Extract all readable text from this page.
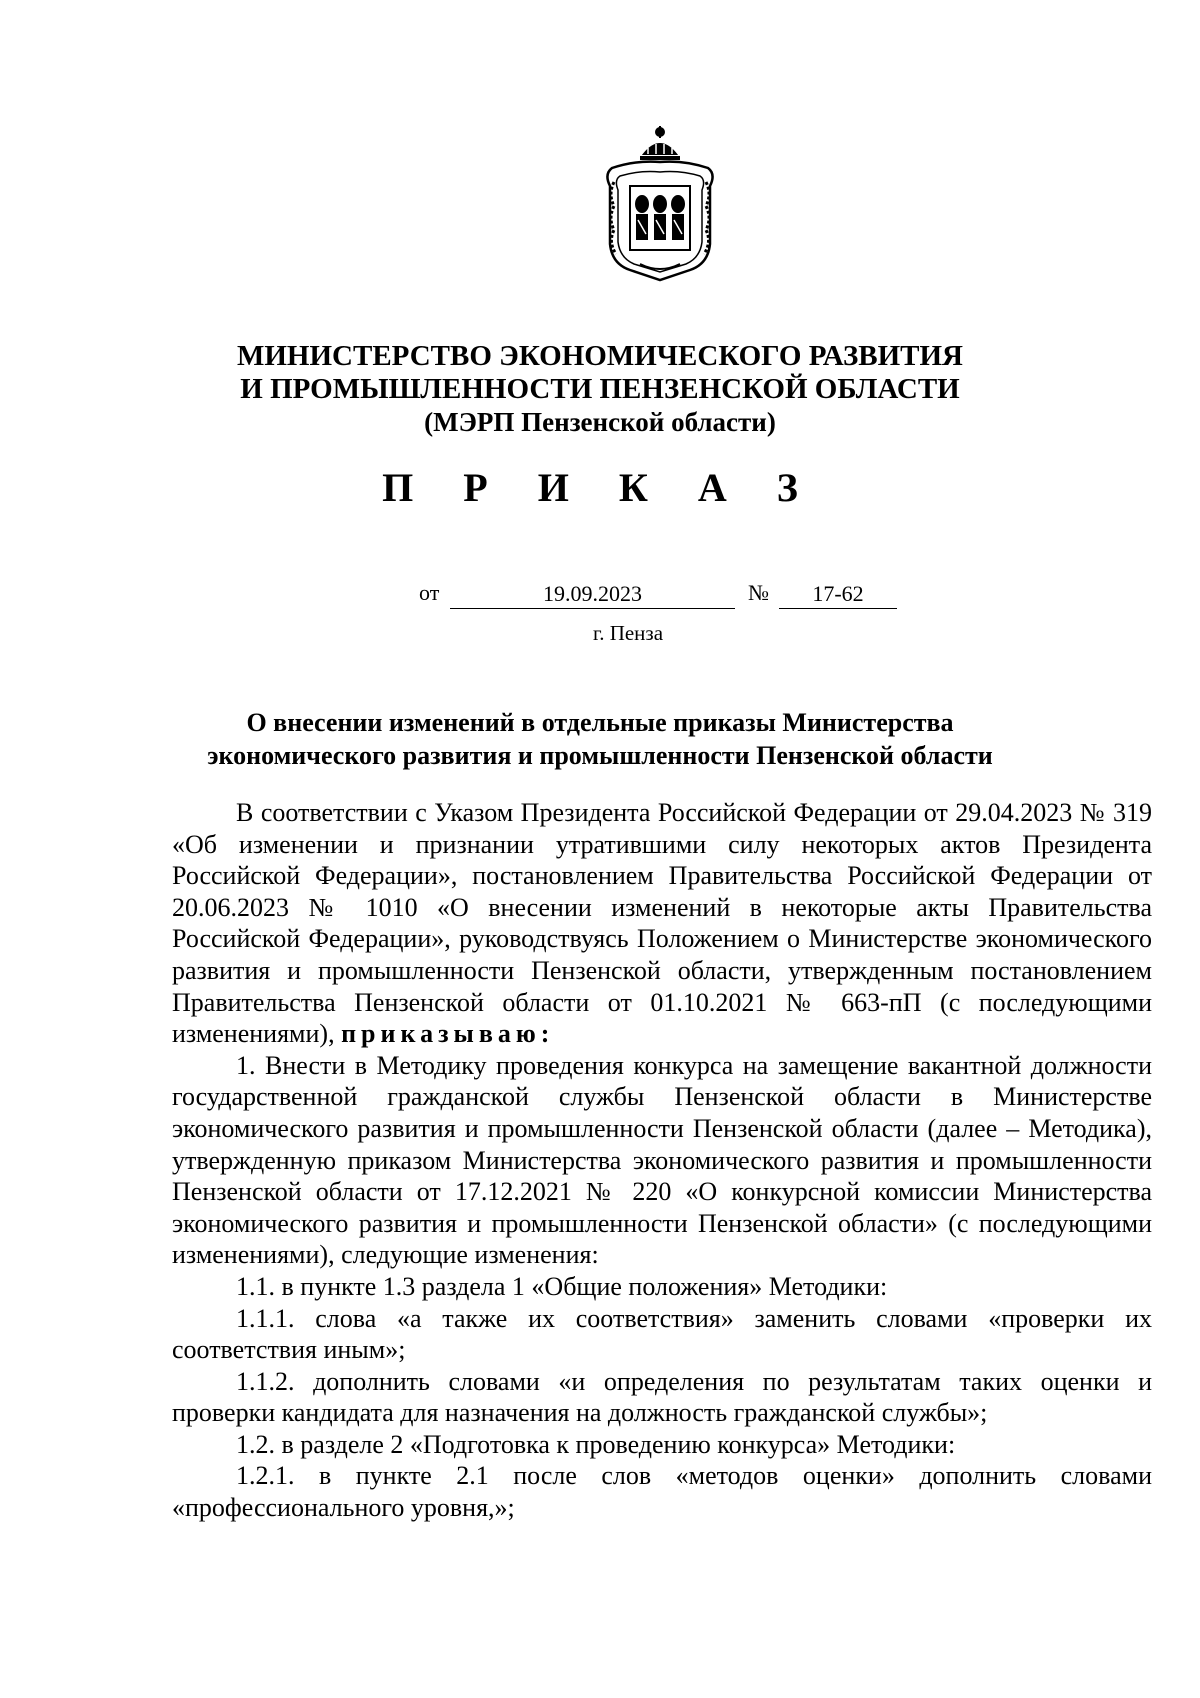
МИНИСТЕРСТВО ЭКОНОМИЧЕСКОГО РАЗВИТИЯ
И ПРОМЫШЛЕННОСТИ ПЕНЗЕНСКОЙ ОБЛАСТИ
(МЭРП Пензенской области)
П Р И К А З
от	19.09.2023	№	17-62
г. Пенза
О внесении изменений в отдельные приказы Министерства
экономического развития и промышленности Пензенской области

В соответствии с Указом Президента Российской Федерации от 29.04.2023 № 319 «Об изменении и признании утратившими силу некоторых актов Президента Российской Федерации», постановлением Правительства Российской Федерации от 20.06.2023 № 1010 «О внесении изменений в некоторые акты Правительства Российской Федерации», руководствуясь Положением о Министерстве экономического развития и промышленности Пензенской области, утвержденным постановлением Правительства Пензенской области от 01.10.2021 № 663-пП (с последующими изменениями), приказываю:

1. Внести в Методику проведения конкурса на замещение вакантной должности государственной гражданской службы Пензенской области в Министерстве экономического развития и промышленности Пензенской области (далее – Методика), утвержденную приказом Министерства экономического развития и промышленности Пензенской области от 17.12.2021 № 220 «О конкурсной комиссии Министерства экономического развития и промышленности Пензенской области» (с последующими изменениями), следующие изменения:

1.1. в пункте 1.3 раздела 1 «Общие положения» Методики:

1.1.1. слова «а также их соответствия» заменить словами «проверки их соответствия иным»;

1.1.2. дополнить словами «и определения по результатам таких оценки и проверки кандидата для назначения на должность гражданской службы»;

1.2. в разделе 2 «Подготовка к проведению конкурса» Методики:

1.2.1. в пункте 2.1 после слов «методов оценки» дополнить словами «профессионального уровня,»;
